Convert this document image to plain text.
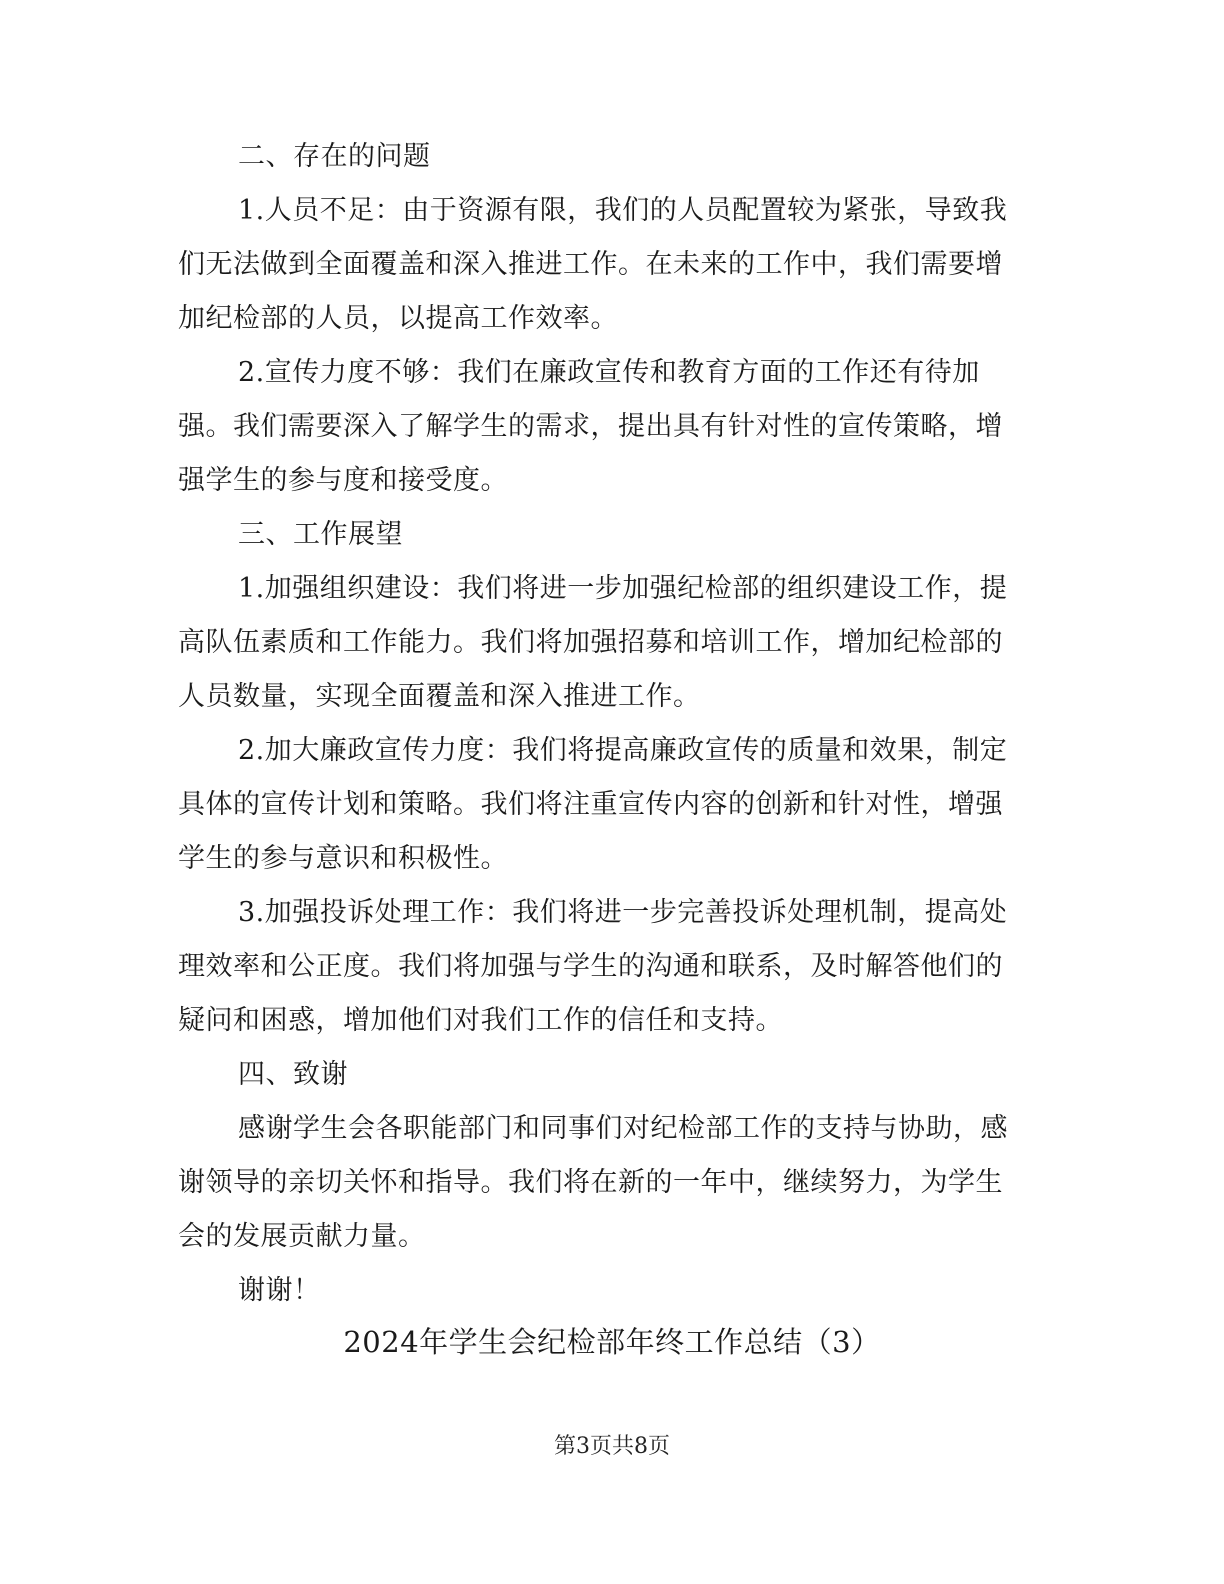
二、存在的问题
1.人员不足：由于资源有限，我们的人员配置较为紧张，导致我
们无法做到全面覆盖和深入推进工作。在未来的工作中，我们需要增
加纪检部的人员，以提高工作效率。
2.宣传力度不够：我们在廉政宣传和教育方面的工作还有待加
强。我们需要深入了解学生的需求，提出具有针对性的宣传策略，增
强学生的参与度和接受度。
三、工作展望
1.加强组织建设：我们将进一步加强纪检部的组织建设工作，提
高队伍素质和工作能力。我们将加强招募和培训工作，增加纪检部的
人员数量，实现全面覆盖和深入推进工作。
2.加大廉政宣传力度：我们将提高廉政宣传的质量和效果，制定
具体的宣传计划和策略。我们将注重宣传内容的创新和针对性，增强
学生的参与意识和积极性。
3.加强投诉处理工作：我们将进一步完善投诉处理机制，提高处
理效率和公正度。我们将加强与学生的沟通和联系，及时解答他们的
疑问和困惑，增加他们对我们工作的信任和支持。
四、致谢
感谢学生会各职能部门和同事们对纪检部工作的支持与协助，感
谢领导的亲切关怀和指导。我们将在新的一年中，继续努力，为学生
会的发展贡献力量。
谢谢！
2024年学生会纪检部年终工作总结（3）
第3页共8页
